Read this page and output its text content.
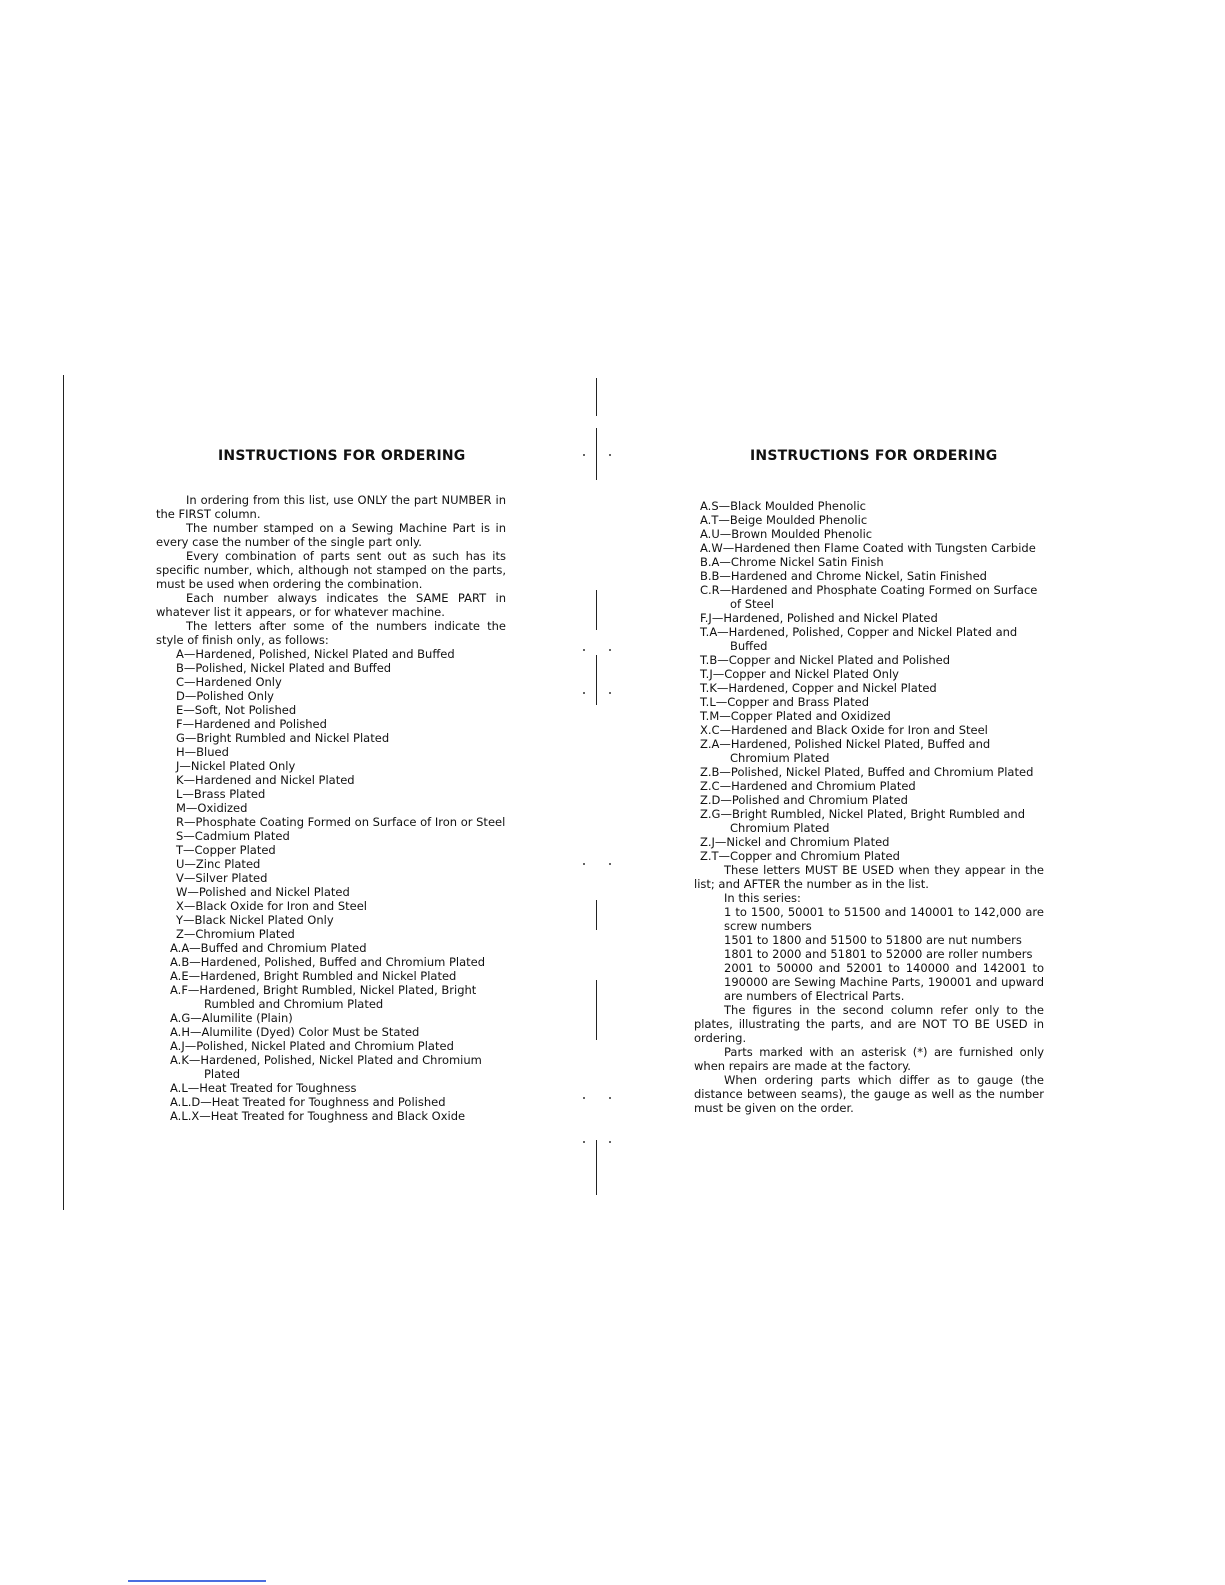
INSTRUCTIONS FOR ORDERING

In ordering from this list, use ONLY the part NUMBER in the FIRST column.

The number stamped on a Sewing Machine Part is in every case the number of the single part only.

Every combination of parts sent out as such has its specific number, which, although not stamped on the parts, must be used when ordering the combination.

Each number always indicates the SAME PART in whatever list it appears, or for whatever machine.

The letters after some of the numbers indicate the style of finish only, as follows:

A—Hardened, Polished, Nickel Plated and Buffed
B—Polished, Nickel Plated and Buffed
C—Hardened Only
D—Polished Only
E—Soft, Not Polished
F—Hardened and Polished
G—Bright Rumbled and Nickel Plated
H—Blued
J—Nickel Plated Only
K—Hardened and Nickel Plated
L—Brass Plated
M—Oxidized
R—Phosphate Coating Formed on Surface of Iron or Steel
S—Cadmium Plated
T—Copper Plated
U—Zinc Plated
V—Silver Plated
W—Polished and Nickel Plated
X—Black Oxide for Iron and Steel
Y—Black Nickel Plated Only
Z—Chromium Plated
A.A—Buffed and Chromium Plated
A.B—Hardened, Polished, Buffed and Chromium Plated
A.E—Hardened, Bright Rumbled and Nickel Plated
A.F—Hardened, Bright Rumbled, Nickel Plated, Bright Rumbled and Chromium Plated
A.G—Alumilite (Plain)
A.H—Alumilite (Dyed) Color Must be Stated
A.J—Polished, Nickel Plated and Chromium Plated
A.K—Hardened, Polished, Nickel Plated and Chromium Plated
A.L—Heat Treated for Toughness
A.L.D—Heat Treated for Toughness and Polished
A.L.X—Heat Treated for Toughness and Black Oxide
INSTRUCTIONS FOR ORDERING
A.S—Black Moulded Phenolic
A.T—Beige Moulded Phenolic
A.U—Brown Moulded Phenolic
A.W—Hardened then Flame Coated with Tungsten Carbide
B.A—Chrome Nickel Satin Finish
B.B—Hardened and Chrome Nickel, Satin Finished
C.R—Hardened and Phosphate Coating Formed on Surface of Steel
F.J—Hardened, Polished and Nickel Plated
T.A—Hardened, Polished, Copper and Nickel Plated and Buffed
T.B—Copper and Nickel Plated and Polished
T.J—Copper and Nickel Plated Only
T.K—Hardened, Copper and Nickel Plated
T.L—Copper and Brass Plated
T.M—Copper Plated and Oxidized
X.C—Hardened and Black Oxide for Iron and Steel
Z.A—Hardened, Polished Nickel Plated, Buffed and Chromium Plated
Z.B—Polished, Nickel Plated, Buffed and Chromium Plated
Z.C—Hardened and Chromium Plated
Z.D—Polished and Chromium Plated
Z.G—Bright Rumbled, Nickel Plated, Bright Rumbled and Chromium Plated
Z.J—Nickel and Chromium Plated
Z.T—Copper and Chromium Plated

These letters MUST BE USED when they appear in the list; and AFTER the number as in the list.

In this series:

1 to 1500, 50001 to 51500 and 140001 to 142,000 are screw numbers

1501 to 1800 and 51500 to 51800 are nut numbers

1801 to 2000 and 51801 to 52000 are roller numbers

2001 to 50000 and 52001 to 140000 and 142001 to 190000 are Sewing Machine Parts, 190001 and upward are numbers of Electrical Parts.

The figures in the second column refer only to the plates, illustrating the parts, and are NOT TO BE USED in ordering.

Parts marked with an asterisk (*) are furnished only when repairs are made at the factory.

When ordering parts which differ as to gauge (the distance between seams), the gauge as well as the number must be given on the order.
